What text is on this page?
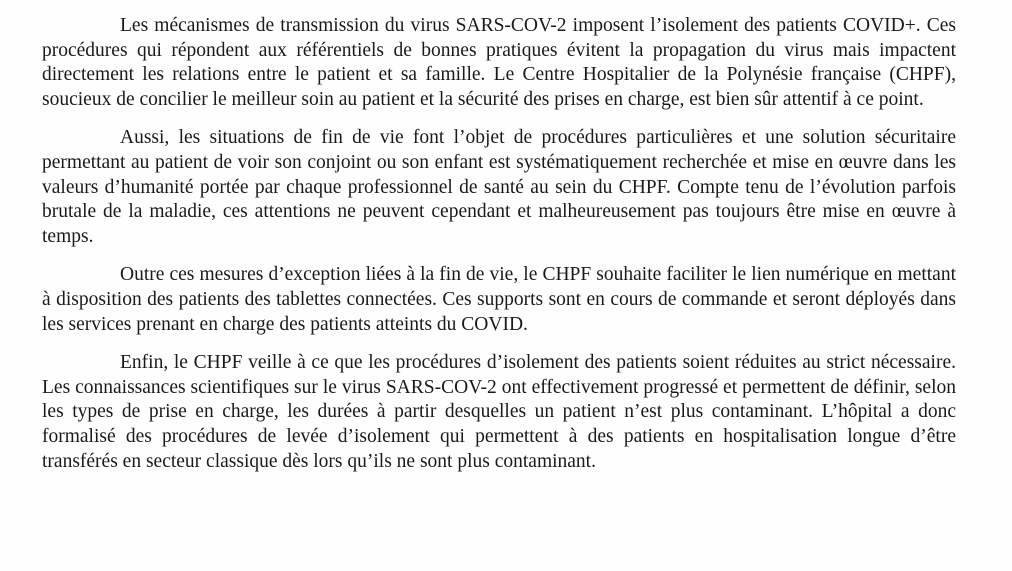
Les mécanismes de transmission du virus SARS-COV-2 imposent l’isolement des patients COVID+. Ces procédures qui répondent aux référentiels de bonnes pratiques évitent la propagation du virus mais impactent directement les relations entre le patient et sa famille. Le Centre Hospitalier de la Polynésie française (CHPF), soucieux de concilier le meilleur soin au patient et la sécurité des prises en charge, est bien sûr attentif à ce point.

Aussi, les situations de fin de vie font l’objet de procédures particulières et une solution sécuritaire permettant au patient de voir son conjoint ou son enfant est systématiquement recherchée et mise en œuvre dans les valeurs d’humanité portée par chaque professionnel de santé au sein du CHPF. Compte tenu de l’évolution parfois brutale de la maladie, ces attentions ne peuvent cependant et malheureusement pas toujours être mise en œuvre à temps.

Outre ces mesures d’exception liées à la fin de vie, le CHPF souhaite faciliter le lien numérique en mettant à disposition des patients des tablettes connectées. Ces supports sont en cours de commande et seront déployés dans les services prenant en charge des patients atteints du COVID.

Enfin, le CHPF veille à ce que les procédures d’isolement des patients soient réduites au strict nécessaire. Les connaissances scientifiques sur le virus SARS-COV-2 ont effectivement progressé et permettent de définir, selon les types de prise en charge, les durées à partir desquelles un patient n’est plus contaminant. L’hôpital a donc formalisé des procédures de levée d’isolement qui permettent à des patients en hospitalisation longue d’être transférés en secteur classique dès lors qu’ils ne sont plus contaminant.
